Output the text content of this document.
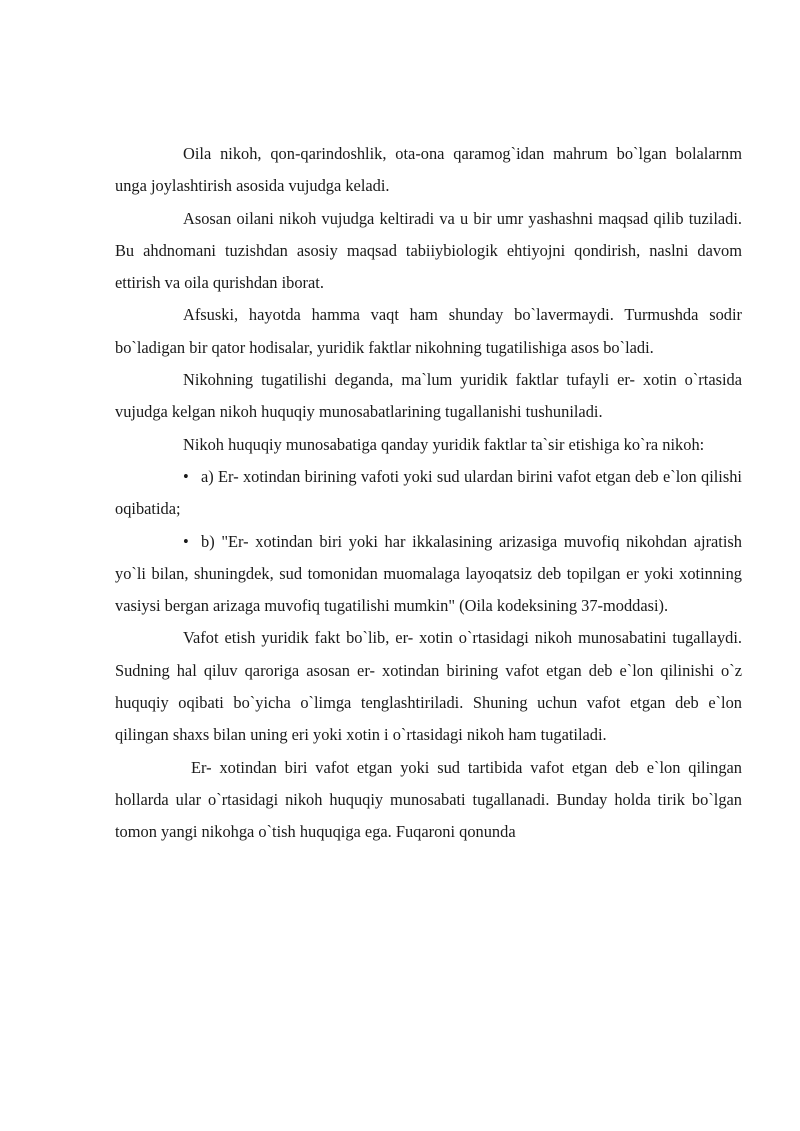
Oila nikoh, qon-qarindoshlik, ota-ona qaramog`idan mahrum bo`lgan bolalarnm unga joylashtirish asosida vujudga keladi.

Asosan oilani nikoh vujudga keltiradi va u bir umr yashashni maqsad qilib tuziladi. Bu ahdnomani tuzishdan asosiy maqsad tabiiybiologik ehtiyojni qondirish, naslni davom ettirish va oila qurishdan iborat.

Afsuski, hayotda hamma vaqt ham shunday bo`lavermaydi. Turmushda sodir bo`ladigan bir qator hodisalar, yuridik faktlar nikohning tugatilishiga asos bo`ladi.

Nikohning tugatilishi deganda, ma`lum yuridik faktlar tufayli er- xotin o`rtasida vujudga kelgan nikoh huquqiy munosabatlarining tugallanishi tushuniladi.

Nikoh huquqiy munosabatiga qanday yuridik faktlar ta`sir etishiga ko`ra nikoh:

• a) Er- xotindan birining vafoti yoki sud ulardan birini vafot etgan deb e`lon qilishi oqibatida;

• b) "Er- xotindan biri yoki har ikkalasining arizasiga muvofiq nikohdan ajratish yo`li bilan, shuningdek, sud tomonidan muomalaga layoqatsiz deb topilgan er yoki xotinning vasiysi bergan arizaga muvofiq tugatilishi mumkin" (Oila kodeksining 37-moddasi).

Vafot etish yuridik fakt bo`lib, er- xotin o`rtasidagi nikoh munosabatini tugallaydi. Sudning hal qiluv qaroriga asosan er- xotindan birining vafot etgan deb e`lon qilinishi o`z huquqiy oqibati bo`yicha o`limga tenglashtiriladi. Shuning uchun vafot etgan deb e`lon qilingan shaxs bilan uning eri yoki xotin i o`rtasidagi nikoh ham tugatiladi.

Er- xotindan biri vafot etgan yoki sud tartibida vafot etgan deb e`lon qilingan hollarda ular o`rtasidagi nikoh huquqiy munosabati tugallanadi. Bunday holda tirik bo`lgan tomon yangi nikohga o`tish huquqiga ega. Fuqaroni qonunda
